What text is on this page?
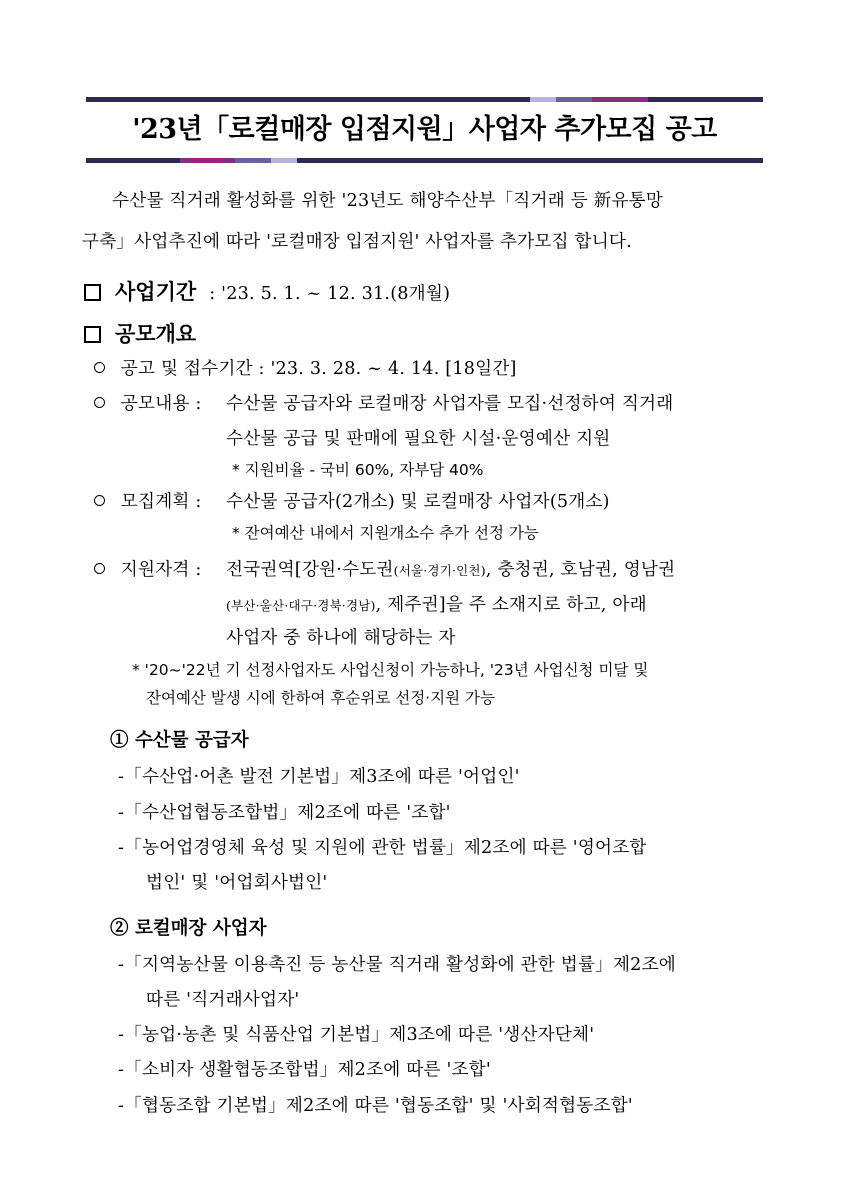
'23년「로컬매장 입점지원」사업자 추가모집 공고
수산물 직거래 활성화를 위한 '23년도 해양수산부「직거래 등 新유통망
구축」사업추진에 따라 '로컬매장 입점지원' 사업자를 추가모집 합니다.
사업기간 : '23. 5. 1. ~ 12. 31.(8개월)
공모개요
공고 및 접수기간 : '23. 3. 28. ~ 4. 14. [18일간]
공모내용 : 수산물 공급자와 로컬매장 사업자를 모집·선정하여 직거래
수산물 공급 및 판매에 필요한 시설·운영예산 지원
* 지원비율 - 국비 60%, 자부담 40%
모집계획 : 수산물 공급자(2개소) 및 로컬매장 사업자(5개소)
* 잔여예산 내에서 지원개소수 추가 선정 가능
지원자격 : 전국권역[강원·수도권(서울·경기·인천), 충청권, 호남권, 영남권
(부산·울산·대구·경북·경남), 제주권]을 주 소재지로 하고, 아래
사업자 중 하나에 해당하는 자
* '20~'22년 기 선정사업자도 사업신청이 가능하나, '23년 사업신청 미달 및
잔여예산 발생 시에 한하여 후순위로 선정·지원 가능
① 수산물 공급자
-「수산업·어촌 발전 기본법」제3조에 따른 '어업인'
-「수산업협동조합법」제2조에 따른 '조합'
-「농어업경영체 육성 및 지원에 관한 법률」제2조에 따른 '영어조합
법인' 및 '어업회사법인'
② 로컬매장 사업자
-「지역농산물 이용촉진 등 농산물 직거래 활성화에 관한 법률」제2조에
따른 '직거래사업자'
-「농업·농촌 및 식품산업 기본법」제3조에 따른 '생산자단체'
-「소비자 생활협동조합법」제2조에 따른 '조합'
-「협동조합 기본법」제2조에 따른 '협동조합' 및 '사회적협동조합'
